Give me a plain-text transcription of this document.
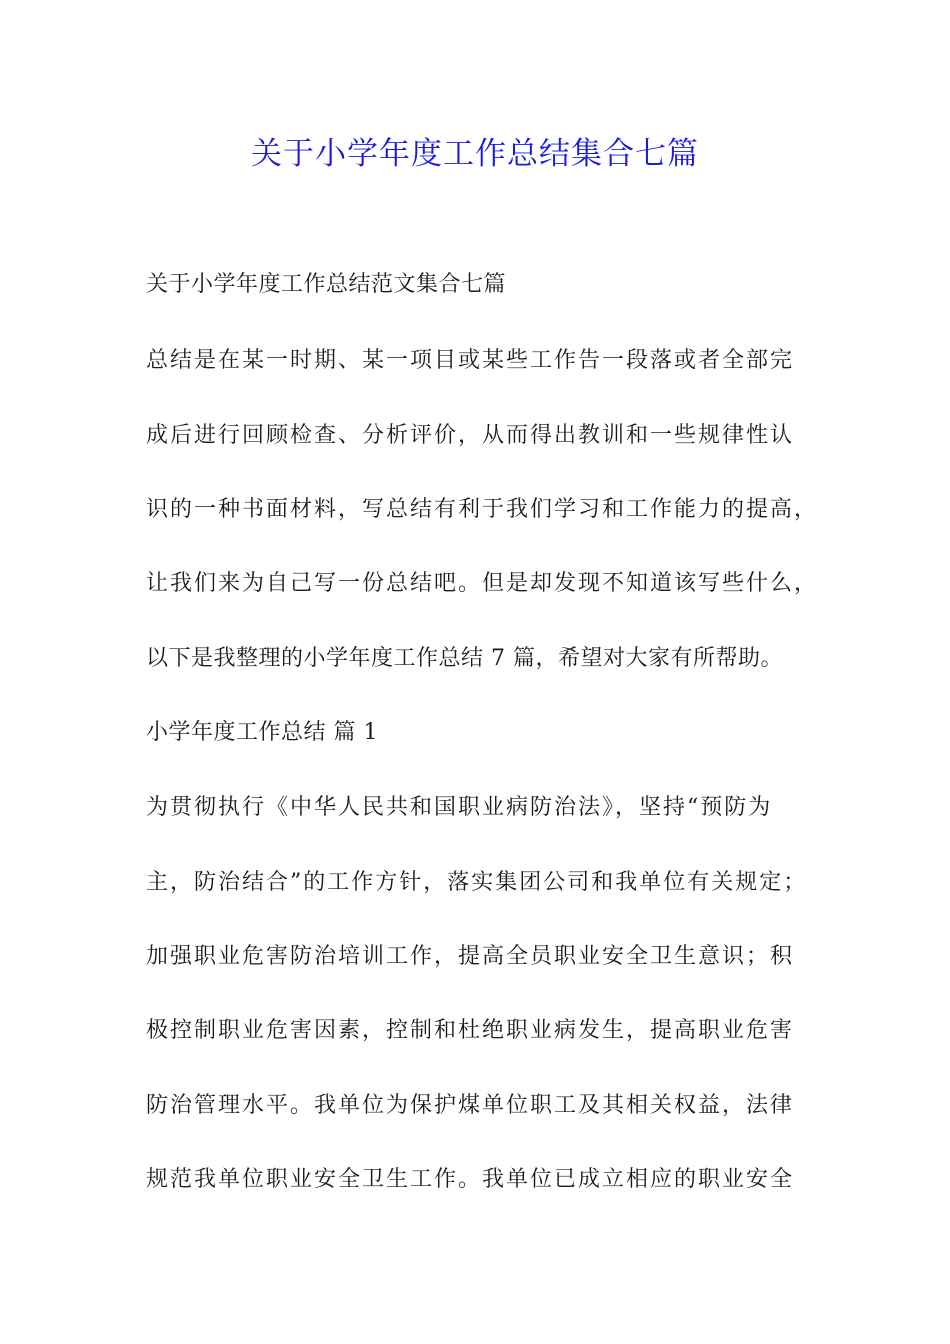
关于小学年度工作总结集合七篇

关于小学年度工作总结范文集合七篇

总结是在某一时期、某一项目或某些工作告一段落或者全部完

成后进行回顾检查、分析评价，从而得出教训和一些规律性认

识的一种书面材料，写总结有利于我们学习和工作能力的提高，

让我们来为自己写一份总结吧。但是却发现不知道该写些什么，

以下是我整理的小学年度工作总结 7 篇，希望对大家有所帮助。

小学年度工作总结 篇 1

为贯彻执行《中华人民共和国职业病防治法》，坚持“预防为

主，防治结合”的工作方针，落实集团公司和我单位有关规定；

加强职业危害防治培训工作，提高全员职业安全卫生意识；积

极控制职业危害因素，控制和杜绝职业病发生，提高职业危害

防治管理水平。我单位为保护煤单位职工及其相关权益，法律

规范我单位职业安全卫生工作。我单位已成立相应的职业安全
